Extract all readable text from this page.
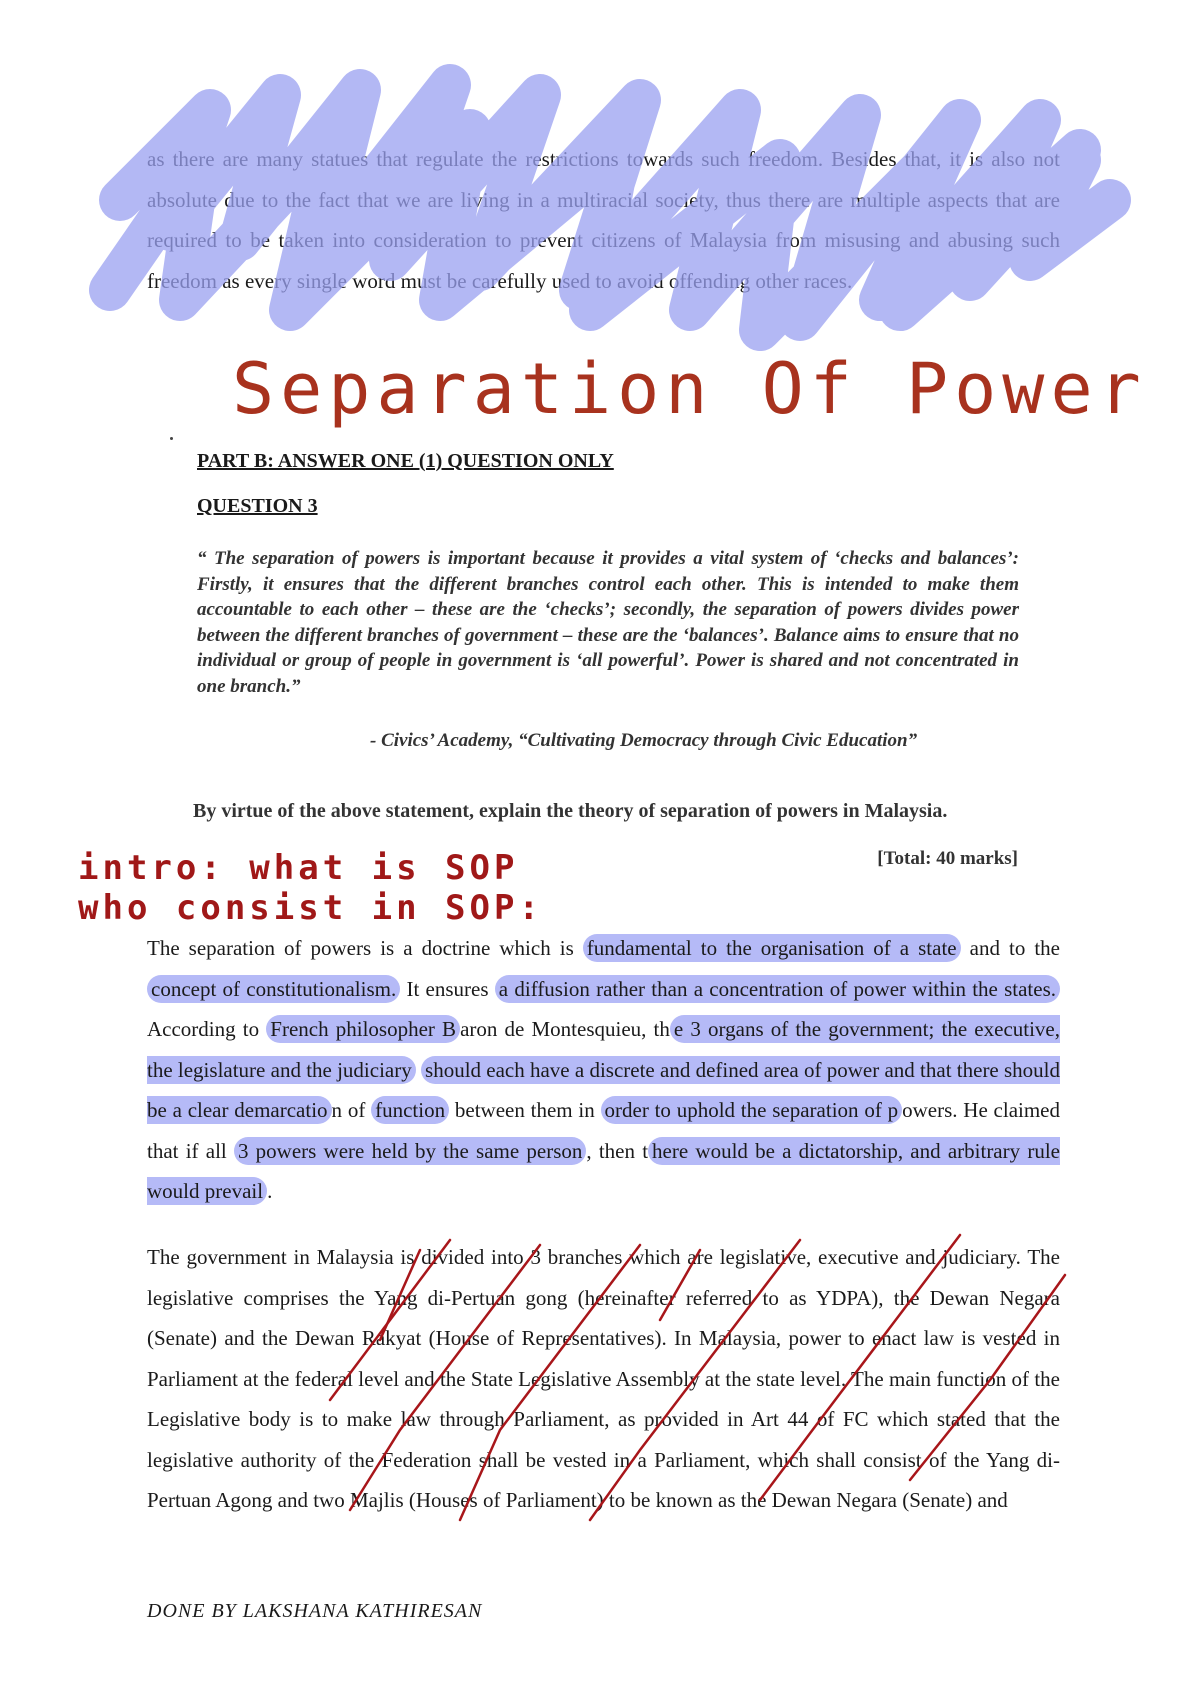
as there are many statues that regulate the restrictions towards such freedom. Besides that, it is also not absolute due to the fact that we are living in a multiracial society, thus there are multiple aspects that are required to be taken into consideration to prevent citizens of Malaysia from misusing and abusing such freedom as every single word must be carefully used to avoid offending other races.
Separation Of Power
PART B: ANSWER ONE (1) QUESTION ONLY
QUESTION 3
“ The separation of powers is important because it provides a vital system of ‘checks and balances’: Firstly, it ensures that the different branches control each other. This is intended to make them accountable to each other – these are the ‘checks’; secondly, the separation of powers divides power between the different branches of government – these are the ‘balances’. Balance aims to ensure that no individual or group of people in government is ‘all powerful’. Power is shared and not concentrated in one branch.”
- Civics’ Academy, “Cultivating Democracy through Civic Education”
By virtue of the above statement, explain the theory of separation of powers in Malaysia.
[Total: 40 marks]
intro: what is SOP
who consist in SOP:
The separation of powers is a doctrine which is fundamental to the organisation of a state and to the concept of constitutionalism. It ensures a diffusion rather than a concentration of power within the states. According to French philosopher B aron de Montesquieu, th e 3 organs of the government; the executive, the legislature and the judiciary should each have a discrete and defined area of power and that there should be a clear demarcatio n of function between them in order to uphold the separation of p owers. He claimed that if all 3 powers were held by the same person , then t here would be a dictatorship, and arbitrary rule would prevail .
The government in Malaysia is divided into 3 branches which are legislative, executive and judiciary. The legislative comprises the Yang di-Pertuan gong (hereinafter referred to as YDPA), the Dewan Negara (Senate) and the Dewan Rakyat (House of Representatives). In Malaysia, power to enact law is vested in Parliament at the federal level and the State Legislative Assembly at the state level. The main function of the Legislative body is to make law through Parliament, as provided in Art 44 of FC which stated that the legislative authority of the Federation shall be vested in a Parliament, which shall consist of the Yang di-Pertuan Agong and two Majlis (Houses of Parliament) to be known as the Dewan Negara (Senate) and
DONE BY LAKSHANA KATHIRESAN
